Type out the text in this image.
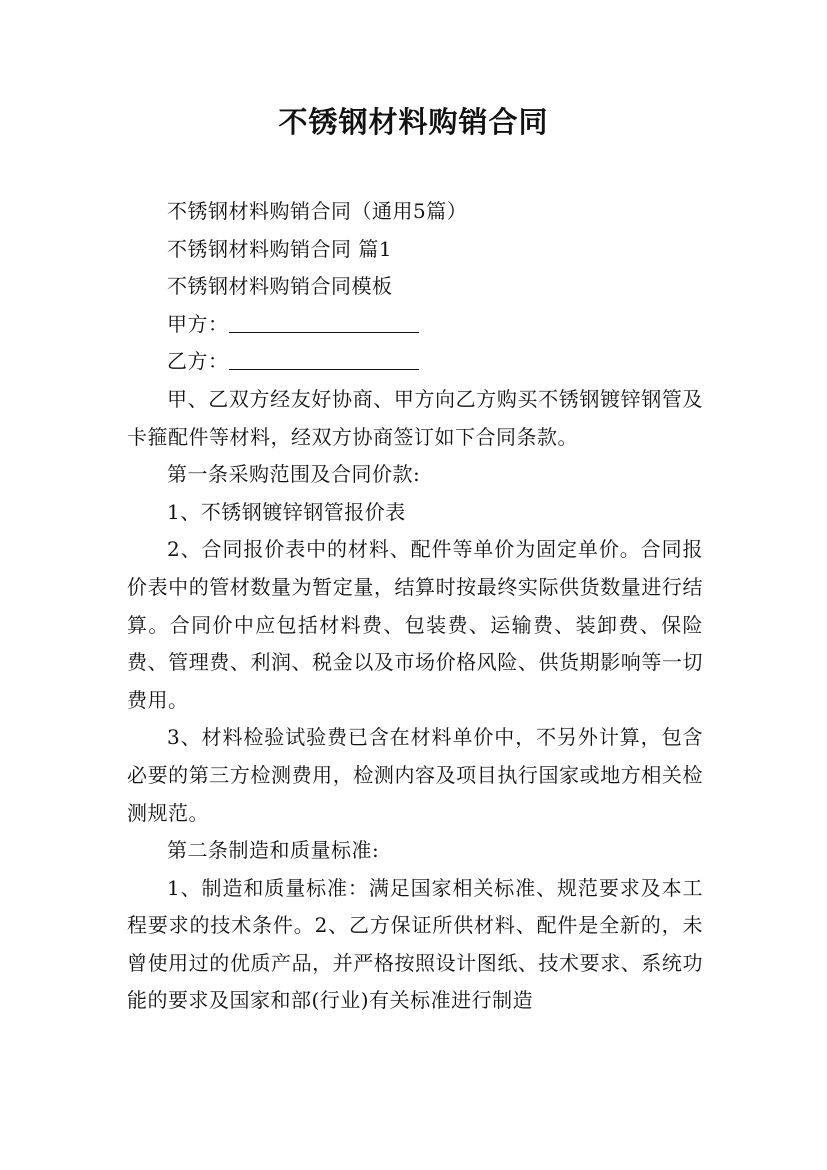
不锈钢材料购销合同

不锈钢材料购销合同（通用5篇）

不锈钢材料购销合同 篇1

不锈钢材料购销合同模板

甲方：

乙方：

甲、乙双方经友好协商、甲方向乙方购买不锈钢镀锌钢管及卡箍配件等材料，经双方协商签订如下合同条款。

第一条采购范围及合同价款:

1、不锈钢镀锌钢管报价表

2、合同报价表中的材料、配件等单价为固定单价。合同报价表中的管材数量为暂定量，结算时按最终实际供货数量进行结算。合同价中应包括材料费、包装费、运输费、装卸费、保险费、管理费、利润、税金以及市场价格风险、供货期影响等一切费用。

3、材料检验试验费已含在材料单价中，不另外计算，包含必要的第三方检测费用，检测内容及项目执行国家或地方相关检测规范。

第二条制造和质量标准:

1、制造和质量标准：满足国家相关标准、规范要求及本工程要求的技术条件。2、乙方保证所供材料、配件是全新的，未曾使用过的优质产品，并严格按照设计图纸、技术要求、系统功能的要求及国家和部(行业)有关标准进行制造
